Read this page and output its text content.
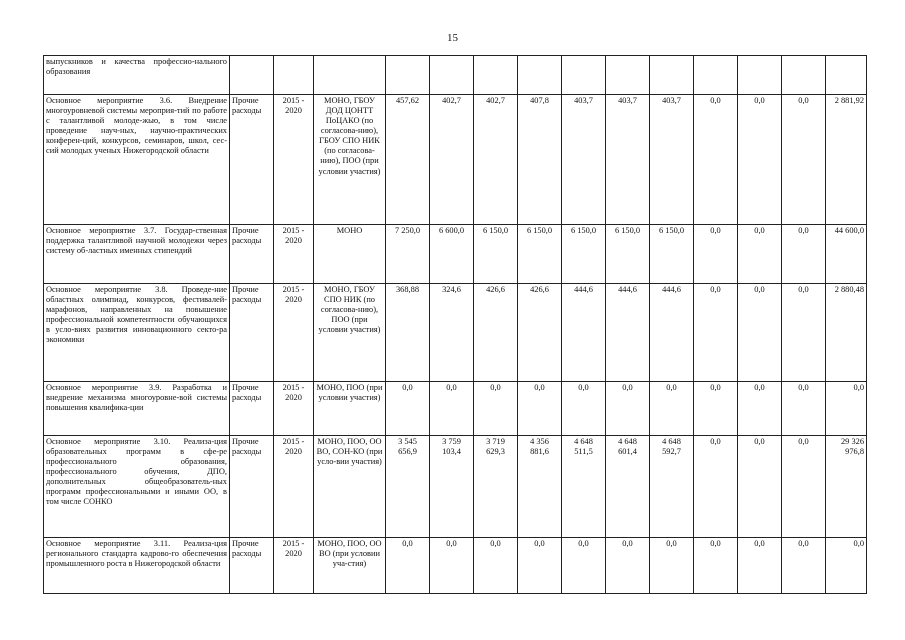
15
выпускников и качества профессио-нального образования														
Основное мероприятие 3.6. Внедрение многоуровневой системы мероприя-тий по работе с талантливой молоде-жью, в том числе проведение науч-ных, научно-практических конферен-ций, конкурсов, семинаров, школ, сес-сий молодых ученых Нижегородской области	Прочие расходы	2015 - 2020	МОНО, ГБОУ ДОД ЦОНТТ ПоЦАКО (по согласова-нию), ГБОУ СПО НИК (по согласова-нию), ПОО (при условии участия)	457,62	402,7	402,7	407,8	403,7	403,7	403,7	0,0	0,0	0,0	2 881,92
Основное мероприятие 3.7. Государ-ственная поддержка талантливой научной молодежи через систему об-ластных именных стипендий	Прочие расходы	2015 - 2020	МОНО	7 250,0	6 600,0	6 150,0	6 150,0	6 150,0	6 150,0	6 150,0	0,0	0,0	0,0	44 600,0
Основное мероприятие 3.8. Проведе-ние областных олимпиад, конкурсов, фестивалей-марафонов, направленных на повышение профессиональной компетентности обучающихся в усло-виях развития инновационного секто-ра экономики	Прочие расходы	2015 - 2020	МОНО, ГБОУ СПО НИК (по согласова-нию), ПОО (при условии участия)	368,88	324,6	426,6	426,6	444,6	444,6	444,6	0,0	0,0	0,0	2 880,48
Основное мероприятие 3.9. Разработка и внедрение механизма многоуровне-вой системы повышения квалифика-ции	Прочие расходы	2015 - 2020	МОНО, ПОО (при условии участия)	0,0	0,0	0,0	0,0	0,0	0,0	0,0	0,0	0,0	0,0	0,0
Основное мероприятие 3.10. Реализа-ция образовательных программ в сфе-ре профессионального образования, профессионального обучения, ДПО, дополнительных общеобразователь-ных программ профессиональными и иными ОО, в том числе СОНКО	Прочие расходы	2015 - 2020	МОНО, ПОО, ОО ВО, СОН-КО (при усло-вии участия)	3 545 656,9	3 759 103,4	3 719 629,3	4 356 881,6	4 648 511,5	4 648 601,4	4 648 592,7	0,0	0,0	0,0	29 326 976,8
Основное мероприятие 3.11. Реализа-ция регионального стандарта кадрово-го обеспечения промышленного роста в Нижегородской области	Прочие расходы	2015 - 2020	МОНО, ПОО, ОО ВО (при условии уча-стия)	0,0	0,0	0,0	0,0	0,0	0,0	0,0	0,0	0,0	0,0	0,0
